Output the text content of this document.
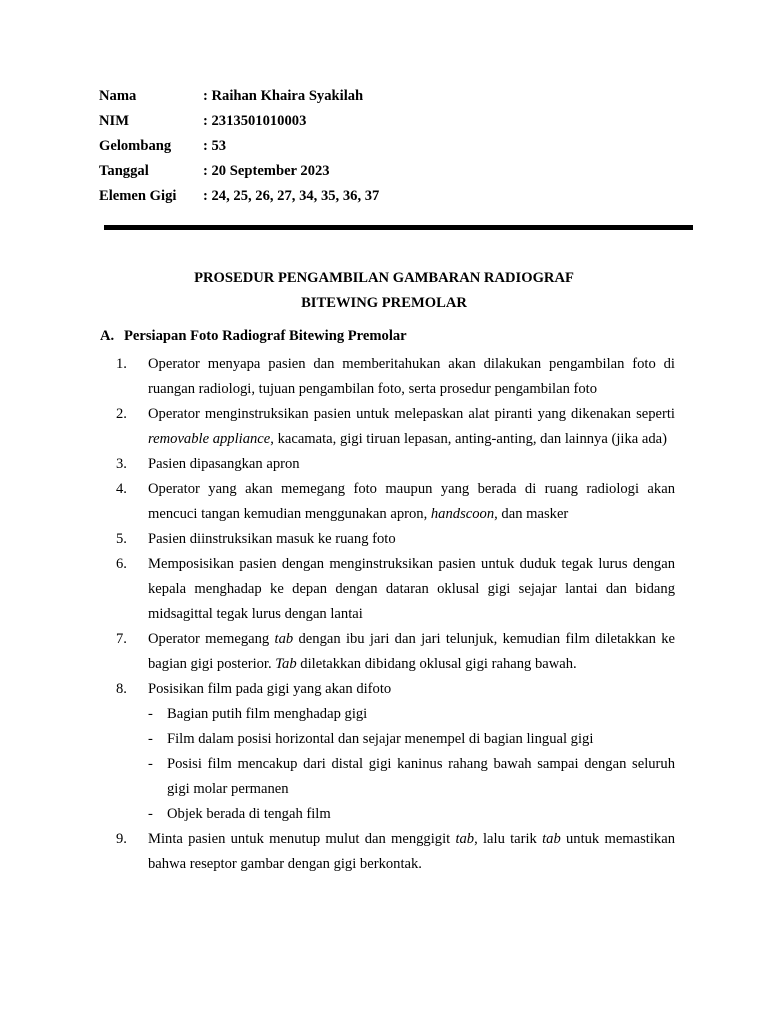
Nama	: Raihan Khaira Syakilah
NIM	: 2313501010003
Gelombang : 53
Tanggal	: 20 September 2023
Elemen Gigi : 24, 25, 26, 27, 34, 35, 36, 37
PROSEDUR PENGAMBILAN GAMBARAN RADIOGRAF
BITEWING PREMOLAR
A. Persiapan Foto Radiograf Bitewing Premolar
1.	Operator menyapa pasien dan memberitahukan akan dilakukan pengambilan foto di ruangan radiologi, tujuan pengambilan foto, serta prosedur pengambilan foto
2.	Operator menginstruksikan pasien untuk melepaskan alat piranti yang dikenakan seperti removable appliance, kacamata, gigi tiruan lepasan, anting-anting, dan lainnya (jika ada)
3.	Pasien dipasangkan apron
4.	Operator yang akan memegang foto maupun yang berada di ruang radiologi akan mencuci tangan kemudian menggunakan apron, handscoon, dan masker
5.	Pasien diinstruksikan masuk ke ruang foto
6.	Memposisikan pasien dengan menginstruksikan pasien untuk duduk tegak lurus dengan kepala menghadap ke depan dengan dataran oklusal gigi sejajar lantai dan bidang midsagittal tegak lurus dengan lantai
7.	Operator memegang tab dengan ibu jari dan jari telunjuk, kemudian film diletakkan ke bagian gigi posterior. Tab diletakkan dibidang oklusal gigi rahang bawah.
8.	Posisikan film pada gigi yang akan difoto
- Bagian putih film menghadap gigi
- Film dalam posisi horizontal dan sejajar menempel di bagian lingual gigi
- Posisi film mencakup dari distal gigi kaninus rahang bawah sampai dengan seluruh gigi molar permanen
- Objek berada di tengah film
9.	Minta pasien untuk menutup mulut dan menggigit tab, lalu tarik tab untuk memastikan bahwa reseptor gambar dengan gigi berkontak.
